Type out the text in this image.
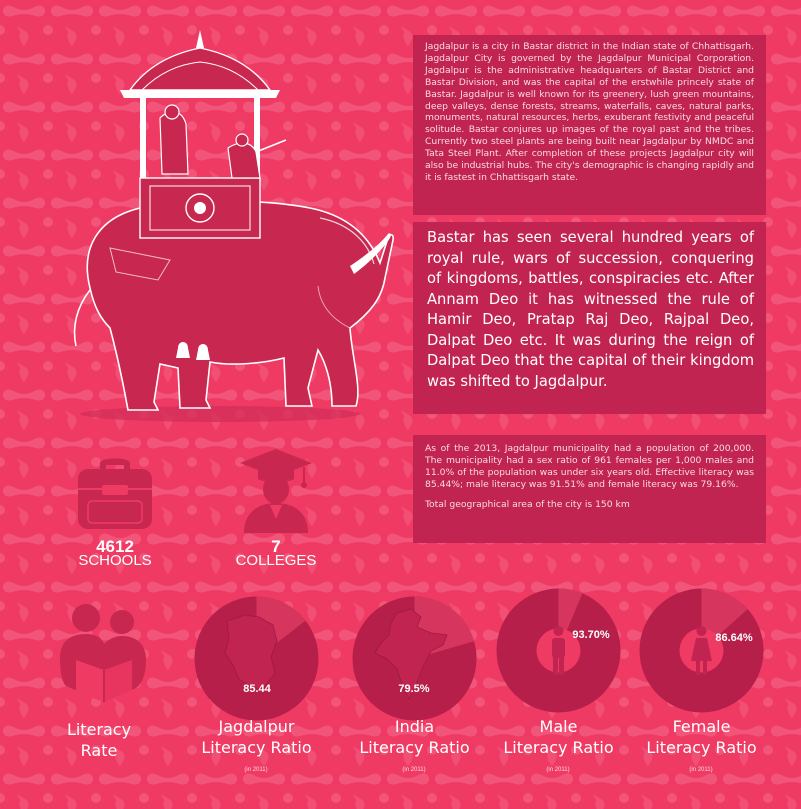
Jagdalpur is a city in Bastar district in the Indian state of Chhattisgarh. Jagdalpur City is governed by the Jagdalpur Municipal Corporation. Jagdalpur is the administrative headquarters of Bastar District and Bastar Division, and was the capital of the erstwhile princely state of Bastar. Jagdalpur is well known for its greenery, lush green mountains, deep valleys, dense forests, streams, waterfalls, caves, natural parks, monuments, natural resources, herbs, exuberant festivity and peaceful solitude. Bastar conjures up images of the royal past and the tribes. Currently two steel plants are being built near Jagdalpur by NMDC and Tata Steel Plant. After completion of these projects Jagdalpur city will also be industrial hubs. The city's demographic is changing rapidly and it is fastest in Chhattisgarh state.

Bastar has seen several hundred years of royal rule, wars of succession, conquering of kingdoms, battles, conspiracies etc. After Annam Deo it has witnessed the rule of Hamir Deo, Pratap Raj Deo, Rajpal Deo, Dalpat Deo etc. It was during the reign of Dalpat Deo that the capital of their kingdom was shifted to Jagdalpur.

As of the 2013, Jagdalpur municipality had a population of 200,000. The municipality had a sex ratio of 961 females per 1,000 males and 11.0% of the population was under six years old. Effective literacy was 85.44%; male literacy was 91.51% and female literacy was 79.16%.

Total geographical area of the city is 150 km

4612
SCHOOLS
7
COLLEGES
Literacy
Rate
85.44
Jagdalpur
Literacy Ratio
(in 2011)
79.5%
India
Literacy Ratio
(in 2011)
93.70%
Male
Literacy Ratio
(in 2011)
86.64%
Female
Literacy Ratio
(in 2011)
